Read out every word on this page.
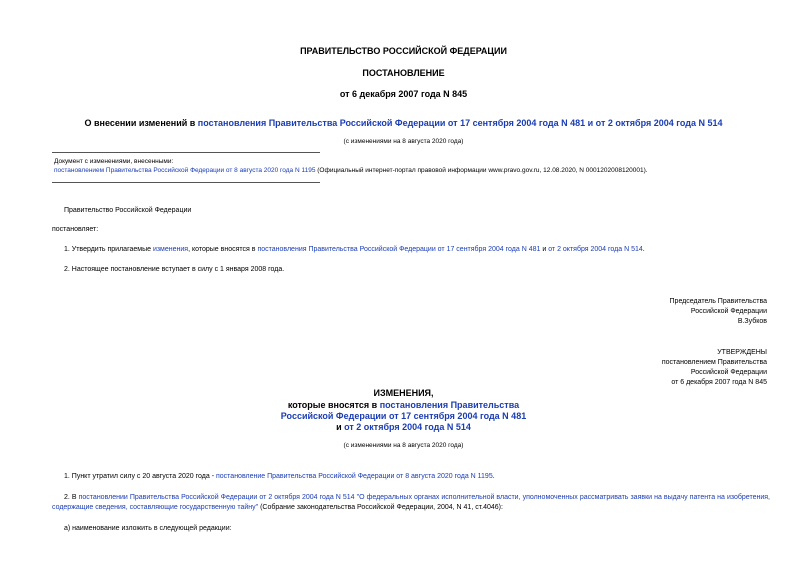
ПРАВИТЕЛЬСТВО РОССИЙСКОЙ ФЕДЕРАЦИИ
ПОСТАНОВЛЕНИЕ
от 6 декабря 2007 года N 845
О внесении изменений в постановления Правительства Российской Федерации от 17 сентября 2004 года N 481 и от 2 октября 2004 года N 514
(с изменениями на 8 августа 2020 года)
Документ с изменениями, внесенными:
постановлением Правительства Российской Федерации от 8 августа 2020 года N 1195 (Официальный интернет-портал правовой информации www.pravo.gov.ru, 12.08.2020, N 0001202008120001).
Правительство Российской Федерации
постановляет:
1. Утвердить прилагаемые изменения, которые вносятся в постановления Правительства Российской Федерации от 17 сентября 2004 года N 481 и от 2 октября 2004 года N 514.
2. Настоящее постановление вступает в силу с 1 января 2008 года.
Председатель Правительства
Российской Федерации
В.Зубков
УТВЕРЖДЕНЫ
постановлением Правительства
Российской Федерации
от 6 декабря 2007 года N 845
ИЗМЕНЕНИЯ,
которые вносятся в постановления Правительства
Российской Федерации от 17 сентября 2004 года N 481
и от 2 октября 2004 года N 514
(с изменениями на 8 августа 2020 года)
1. Пункт утратил силу с 20 августа 2020 года - постановление Правительства Российской Федерации от 8 августа 2020 года N 1195.
2. В постановлении Правительства Российской Федерации от 2 октября 2004 года N 514 "О федеральных органах исполнительной власти, уполномоченных рассматривать заявки на выдачу патента на изобретения, содержащие сведения, составляющие государственную тайну" (Собрание законодательства Российской Федерации, 2004, N 41, ст.4046):
а) наименование изложить в следующей редакции:
